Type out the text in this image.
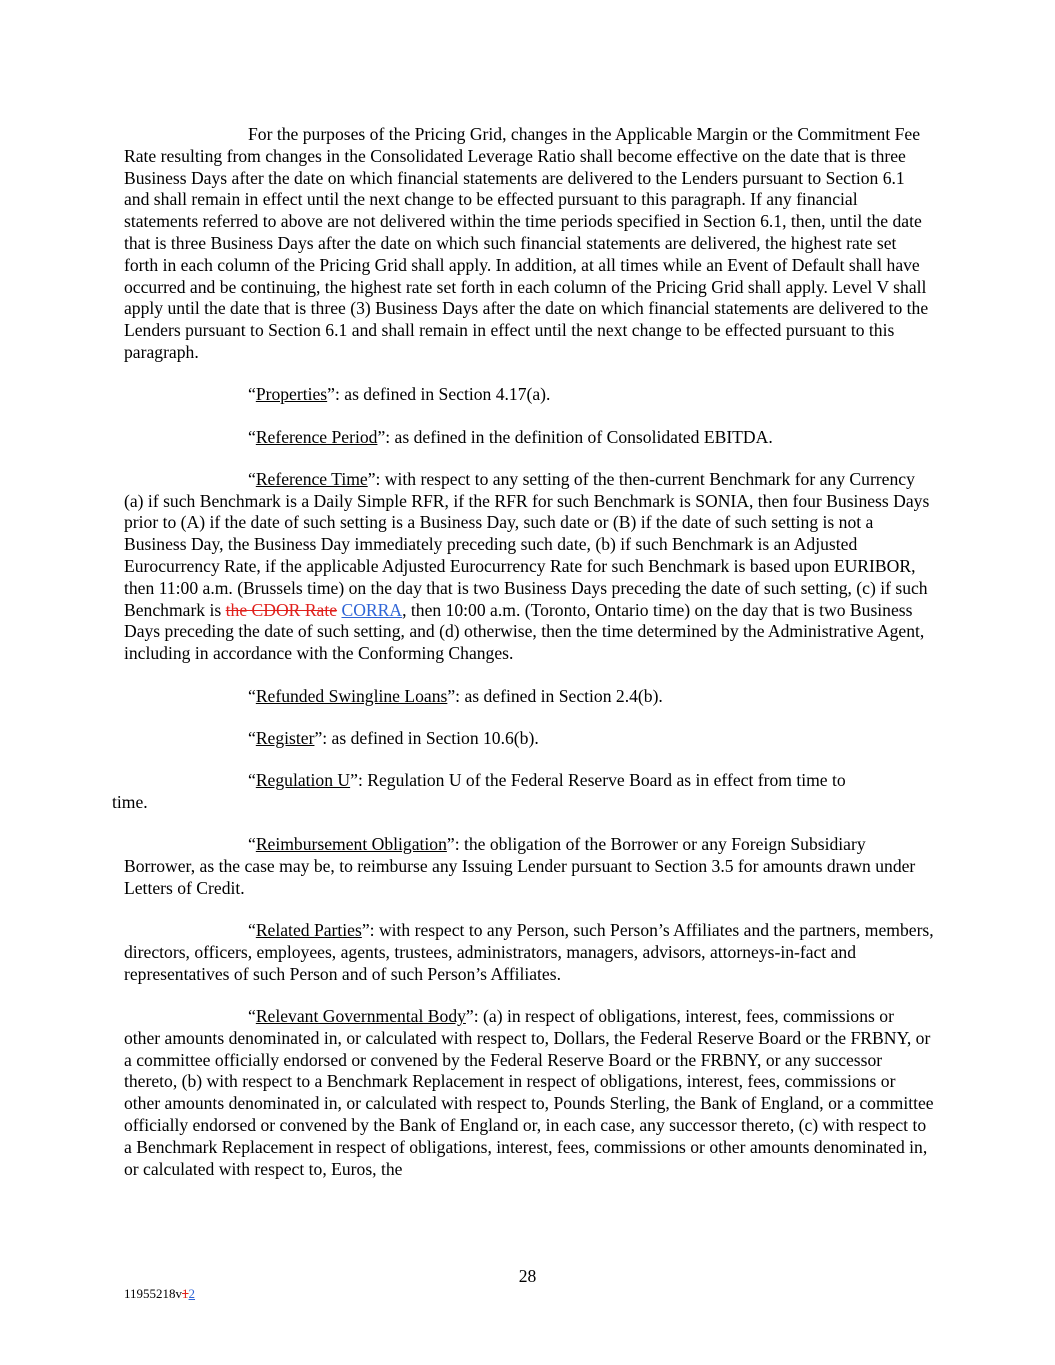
For the purposes of the Pricing Grid, changes in the Applicable Margin or the Commitment Fee Rate resulting from changes in the Consolidated Leverage Ratio shall become effective on the date that is three Business Days after the date on which financial statements are delivered to the Lenders pursuant to Section 6.1 and shall remain in effect until the next change to be effected pursuant to this paragraph. If any financial statements referred to above are not delivered within the time periods specified in Section 6.1, then, until the date that is three Business Days after the date on which such financial statements are delivered, the highest rate set forth in each column of the Pricing Grid shall apply. In addition, at all times while an Event of Default shall have occurred and be continuing, the highest rate set forth in each column of the Pricing Grid shall apply. Level V shall apply until the date that is three (3) Business Days after the date on which financial statements are delivered to the Lenders pursuant to Section 6.1 and shall remain in effect until the next change to be effected pursuant to this paragraph.

“Properties”: as defined in Section 4.17(a).

“Reference Period”: as defined in the definition of Consolidated EBITDA.

“Reference Time”: with respect to any setting of the then-current Benchmark for any Currency (a) if such Benchmark is a Daily Simple RFR, if the RFR for such Benchmark is SONIA, then four Business Days prior to (A) if the date of such setting is a Business Day, such date or (B) if the date of such setting is not a Business Day, the Business Day immediately preceding such date, (b) if such Benchmark is an Adjusted Eurocurrency Rate, if the applicable Adjusted Eurocurrency Rate for such Benchmark is based upon EURIBOR, then 11:00 a.m. (Brussels time) on the day that is two Business Days preceding the date of such setting, (c) if such Benchmark is the CDOR Rate CORRA, then 10:00 a.m. (Toronto, Ontario time) on the day that is two Business Days preceding the date of such setting, and (d) otherwise, then the time determined by the Administrative Agent, including in accordance with the Conforming Changes.

“Refunded Swingline Loans”: as defined in Section 2.4(b).

“Register”: as defined in Section 10.6(b).

“Regulation U”: Regulation U of the Federal Reserve Board as in effect from time to
time.

“Reimbursement Obligation”: the obligation of the Borrower or any Foreign Subsidiary Borrower, as the case may be, to reimburse any Issuing Lender pursuant to Section 3.5 for amounts drawn under Letters of Credit.

“Related Parties”: with respect to any Person, such Person’s Affiliates and the partners, members, directors, officers, employees, agents, trustees, administrators, managers, advisors, attorneys-in-fact and representatives of such Person and of such Person’s Affiliates.

“Relevant Governmental Body”: (a) in respect of obligations, interest, fees, commissions or other amounts denominated in, or calculated with respect to, Dollars, the Federal Reserve Board or the FRBNY, or a committee officially endorsed or convened by the Federal Reserve Board or the FRBNY, or any successor thereto, (b) with respect to a Benchmark Replacement in respect of obligations, interest, fees, commissions or other amounts denominated in, or calculated with respect to, Pounds Sterling, the Bank of England, or a committee officially endorsed or convened by the Bank of England or, in each case, any successor thereto, (c) with respect to a Benchmark Replacement in respect of obligations, interest, fees, commissions or other amounts denominated in, or calculated with respect to, Euros, the

28
11955218v12
